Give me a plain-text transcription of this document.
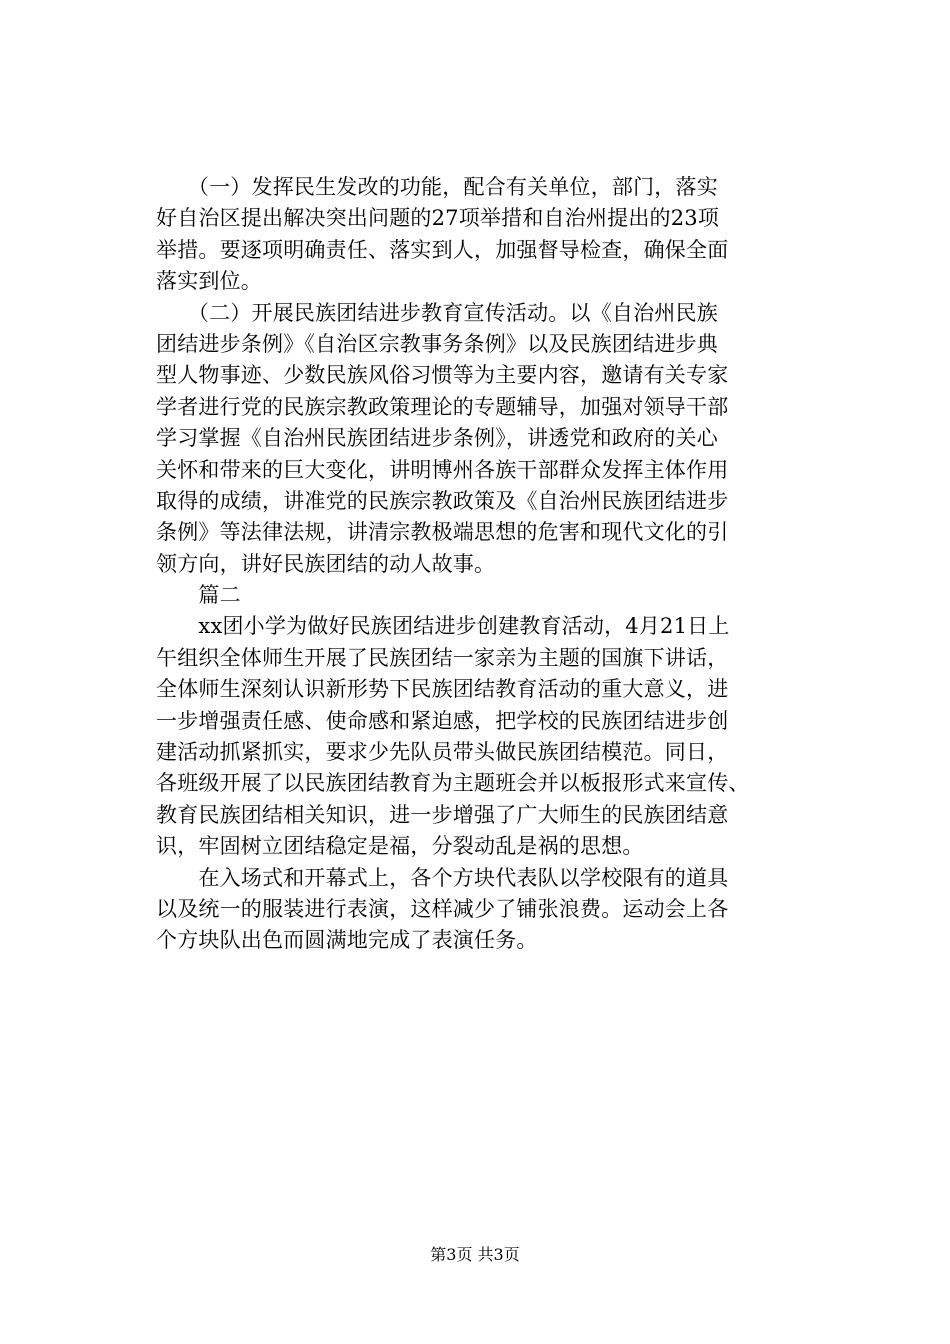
　　（一）发挥民生发改的功能，配合有关单位，部门，落实
好自治区提出解决突出问题的27项举措和自治州提出的23项
举措。要逐项明确责任、落实到人，加强督导检查，确保全面
落实到位。
　　（二）开展民族团结进步教育宣传活动。以《自治州民族
团结进步条例》《自治区宗教事务条例》以及民族团结进步典
型人物事迹、少数民族风俗习惯等为主要内容，邀请有关专家
学者进行党的民族宗教政策理论的专题辅导，加强对领导干部
学习掌握《自治州民族团结进步条例》，讲透党和政府的关心
关怀和带来的巨大变化，讲明博州各族干部群众发挥主体作用
取得的成绩，讲准党的民族宗教政策及《自治州民族团结进步
条例》等法律法规，讲清宗教极端思想的危害和现代文化的引
领方向，讲好民族团结的动人故事。
　　篇二
　　xx团小学为做好民族团结进步创建教育活动，4月21日上
午组织全体师生开展了民族团结一家亲为主题的国旗下讲话，
全体师生深刻认识新形势下民族团结教育活动的重大意义，进
一步增强责任感、使命感和紧迫感，把学校的民族团结进步创
建活动抓紧抓实，要求少先队员带头做民族团结模范。同日，
各班级开展了以民族团结教育为主题班会并以板报形式来宣传、
教育民族团结相关知识，进一步增强了广大师生的民族团结意
识，牢固树立团结稳定是福，分裂动乱是祸的思想。
　　在入场式和开幕式上，各个方块代表队以学校限有的道具
以及统一的服装进行表演，这样减少了铺张浪费。运动会上各
个方块队出色而圆满地完成了表演任务。
第3页 共3页
